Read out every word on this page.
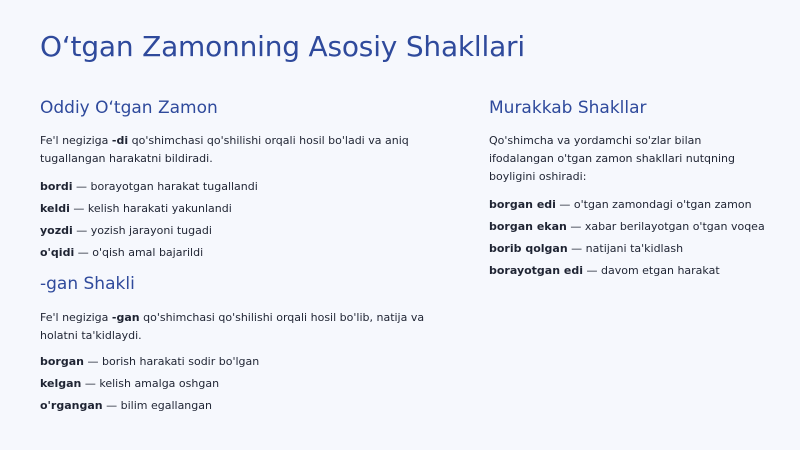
O‘tgan Zamonning Asosiy Shakllari
Oddiy O‘tgan Zamon

Fe'l negiziga -di qo'shimchasi qo'shilishi orqali hosil bo'ladi va aniq tugallangan harakatni bildiradi.

bordi — borayotgan harakat tugallandi
keldi — kelish harakati yakunlandi
yozdi — yozish jarayoni tugadi
o'qidi — o'qish amal bajarildi
-gan Shakli

Fe'l negiziga -gan qo'shimchasi qo'shilishi orqali hosil bo'lib, natija va holatni ta'kidlaydi.

borgan — borish harakati sodir bo'lgan
kelgan — kelish amalga oshgan
o'rgangan — bilim egallangan
Murakkab Shakllar

Qo'shimcha va yordamchi so'zlar bilan ifodalangan o'tgan zamon shakllari nutqning boyligini oshiradi:

borgan edi — o'tgan zamondagi o'tgan zamon
borgan ekan — xabar berilayotgan o'tgan voqea
borib qolgan — natijani ta'kidlash
borayotgan edi — davom etgan harakat
